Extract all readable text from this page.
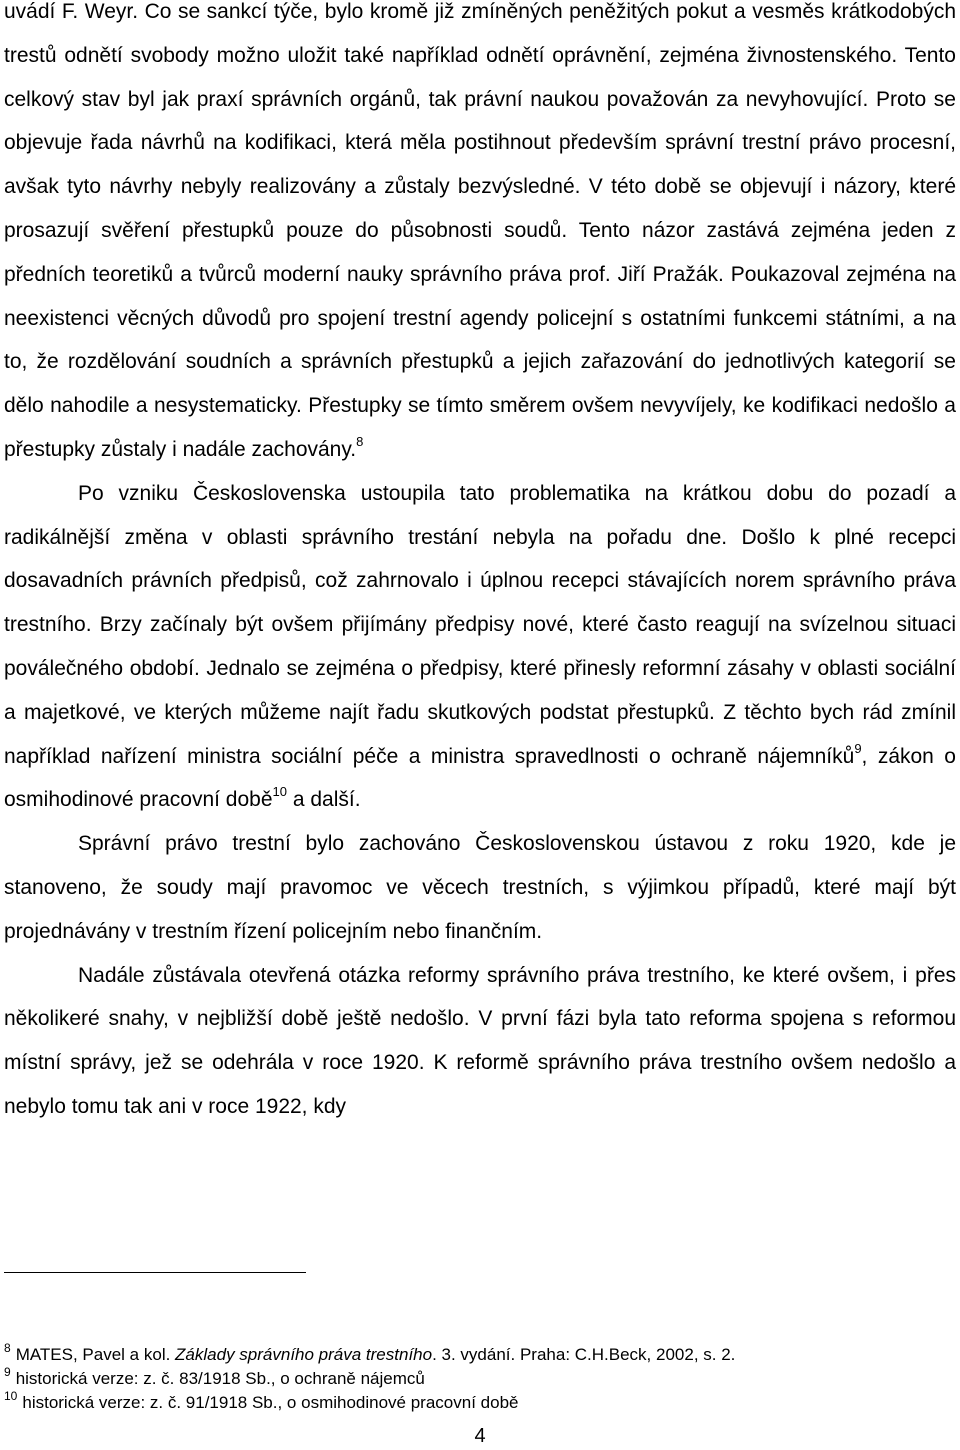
uvádí F. Weyr. Co se sankcí týče, bylo kromě již zmíněných peněžitých pokut a vesměs krátkodobých trestů odnětí svobody možno uložit také například odnětí oprávnění, zejména živnostenského. Tento celkový stav byl jak praxí správních orgánů, tak právní naukou považován za nevyhovující. Proto se objevuje řada návrhů na kodifikaci, která měla postihnout především správní trestní právo procesní, avšak tyto návrhy nebyly realizovány a zůstaly bezvýsledné. V této době se objevují i názory, které prosazují svěření přestupků pouze do působnosti soudů. Tento názor zastává zejména jeden z předních teoretiků a tvůrců moderní nauky správního práva prof. Jiří Pražák. Poukazoval zejména na neexistenci věcných důvodů pro spojení trestní agendy policejní s ostatními funkcemi státními, a na to, že rozdělování soudních a správních přestupků a jejich zařazování do jednotlivých kategorií se dělo nahodile a nesystematicky. Přestupky se tímto směrem ovšem nevyvíjely, ke kodifikaci nedošlo a přestupky zůstaly i nadále zachovány.$^8$

Po vzniku Československa ustoupila tato problematika na krátkou dobu do pozadí a radikálnější změna v oblasti správního trestání nebyla na pořadu dne. Došlo k plné recepci dosavadních právních předpisů, což zahrnovalo i úplnou recepci stávajících norem správního práva trestního. Brzy začínaly být ovšem přijímány předpisy nové, které často reagují na svízelnou situaci poválečného období. Jednalo se zejména o předpisy, které přinesly reformní zásahy v oblasti sociální a majetkové, ve kterých můžeme najít řadu skutkových podstat přestupků. Z těchto bych rád zmínil například nařízení ministra sociální péče a ministra spravedlnosti o ochraně nájemníků$^9$, zákon o osmihodinové pracovní době$^{10}$ a další.

Správní právo trestní bylo zachováno Československou ústavou z roku 1920, kde je stanoveno, že soudy mají pravomoc ve věcech trestních, s výjimkou případů, které mají být projednávány v trestním řízení policejním nebo finančním.

Nadále zůstávala otevřená otázka reformy správního práva trestního, ke které ovšem, i přes několikeré snahy, v nejbližší době ještě nedošlo. V první fázi byla tato reforma spojena s reformou místní správy, jež se odehrála v roce 1920. K reformě správního práva trestního ovšem nedošlo a nebylo tomu tak ani v roce 1922, kdy

$^8$ MATES, Pavel a kol. Základy správního práva trestního. 3. vydání. Praha: C.H.Beck, 2002, s. 2.

$^9$ historická verze: z. č. 83/1918 Sb., o ochraně nájemců

$^{10}$ historická verze: z. č. 91/1918 Sb., o osmihodinové pracovní době

4
